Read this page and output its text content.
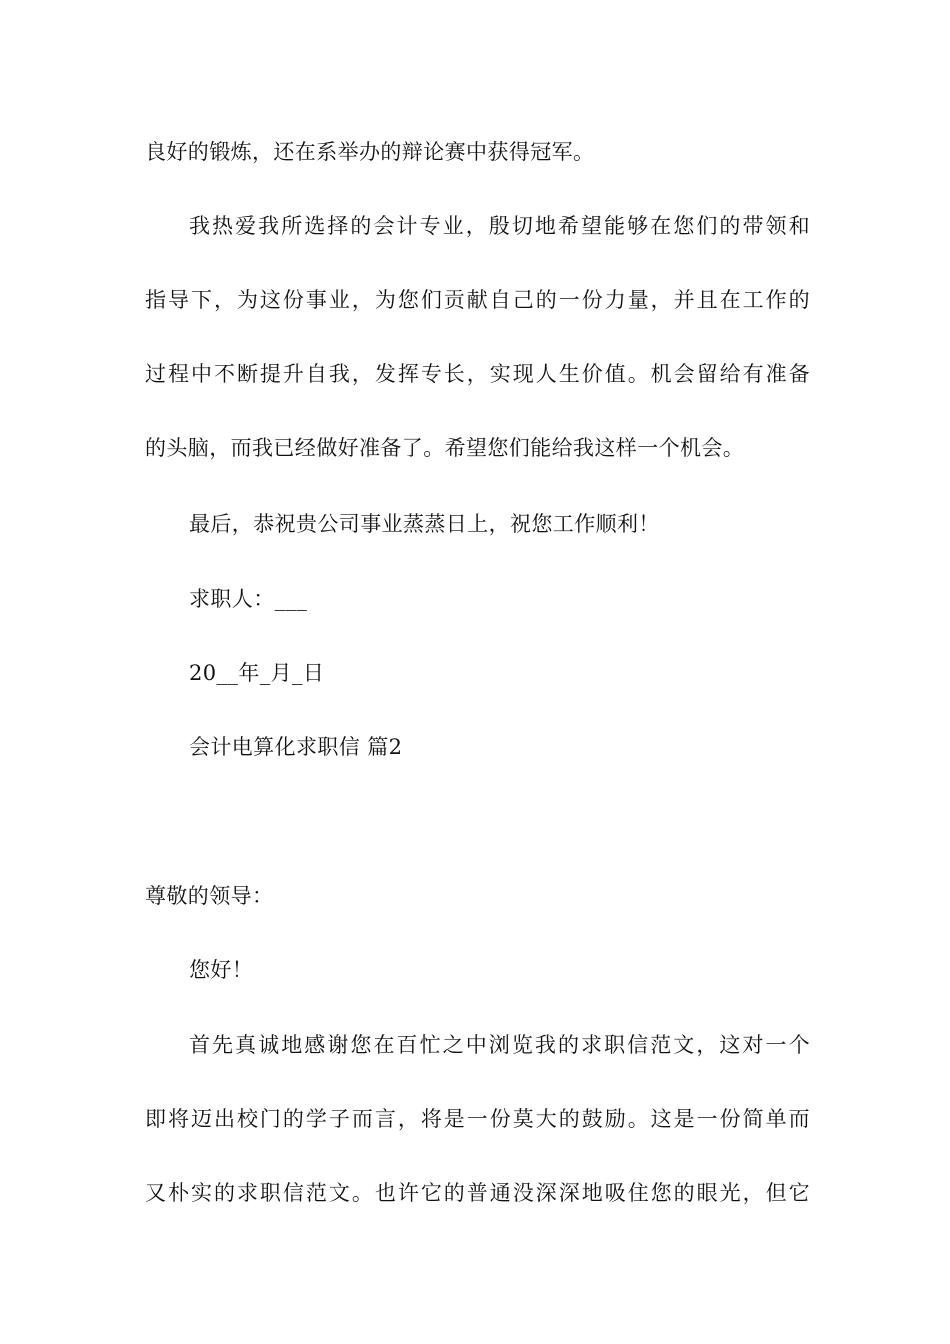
良好的锻炼，还在系举办的辩论赛中获得冠军。
我热爱我所选择的会计专业，殷切地希望能够在您们的带领和
指导下，为这份事业，为您们贡献自己的一份力量，并且在工作的
过程中不断提升自我，发挥专长，实现人生价值。机会留给有准备
的头脑，而我已经做好准备了。希望您们能给我这样一个机会。
最后，恭祝贵公司事业蒸蒸日上，祝您工作顺利！
求职人：___
20__年_月_日
会计电算化求职信 篇2
尊敬的领导：
您好！
首先真诚地感谢您在百忙之中浏览我的求职信范文，这对一个
即将迈出校门的学子而言，将是一份莫大的鼓励。这是一份简单而
又朴实的求职信范文。也许它的普通没深深地吸住您的眼光，但它
